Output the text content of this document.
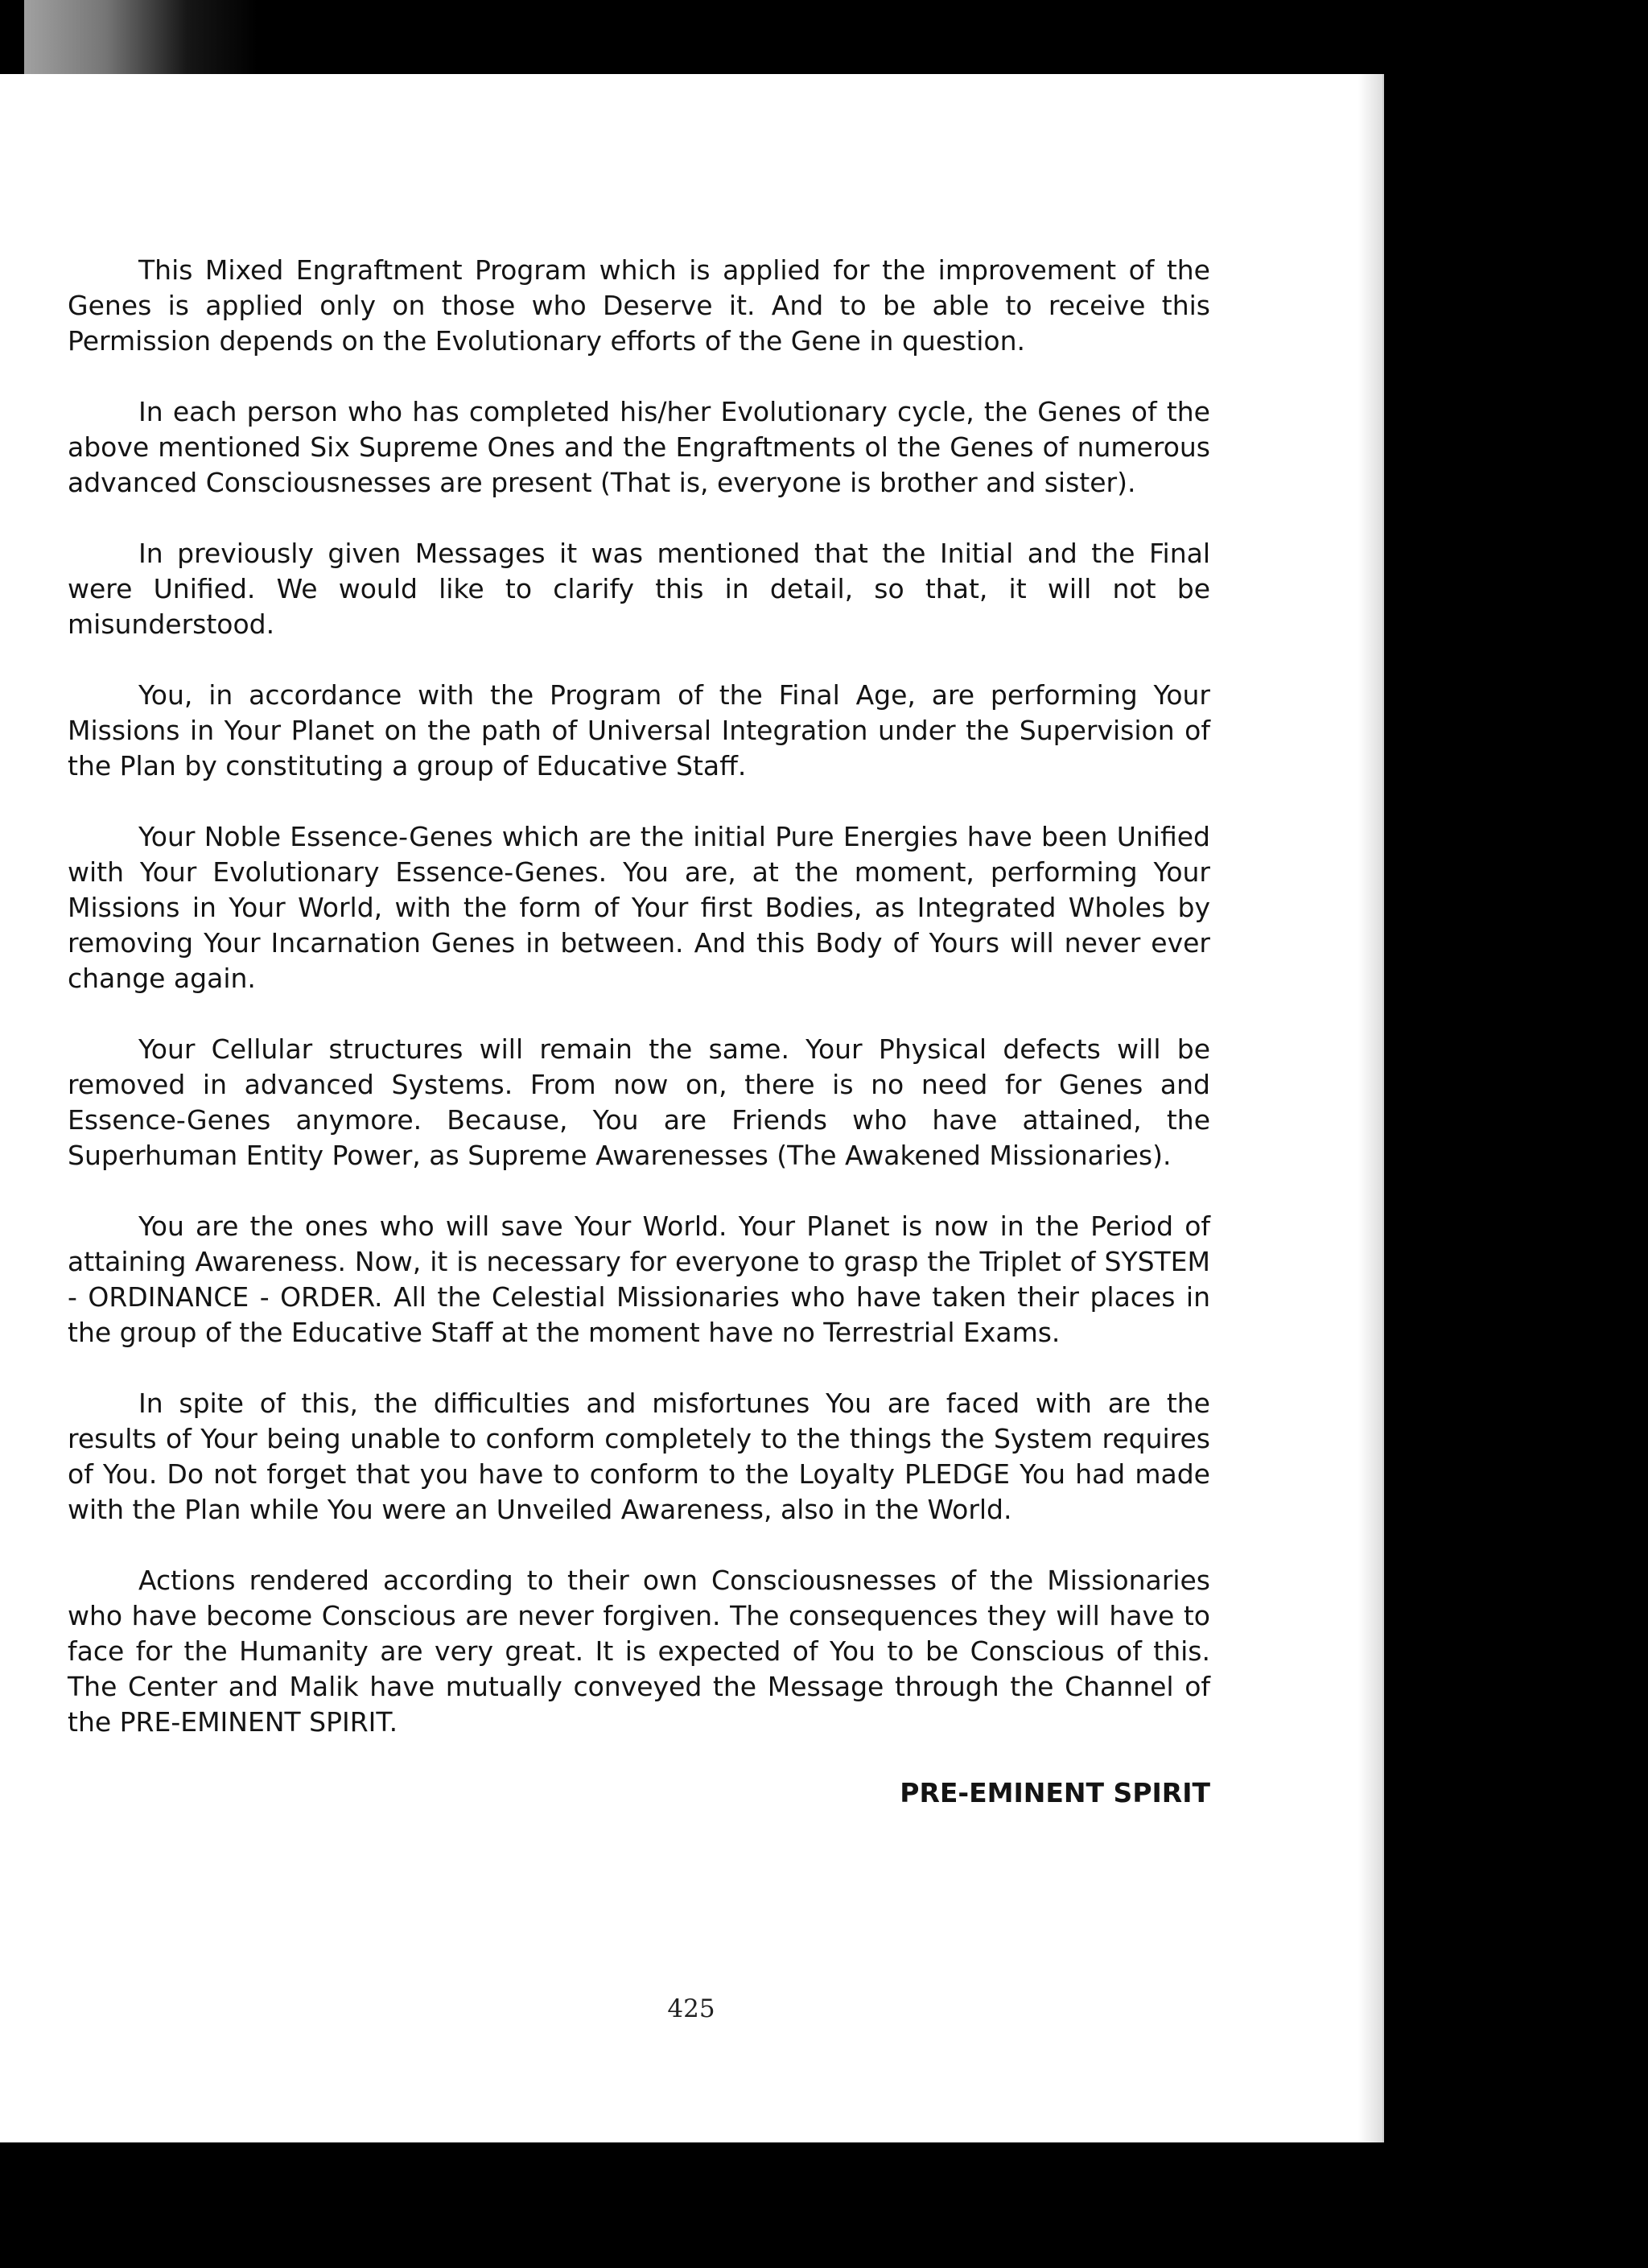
This Mixed Engraftment Program which is applied for the improvement of the Genes is applied only on those who Deserve it. And to be able to receive this Permission depends on the Evolutionary efforts of the Gene in question.

In each person who has completed his/her Evolutionary cycle, the Genes of the above mentioned Six Supreme Ones and the Engraftments ol the Genes of numerous advanced Consciousnesses are present (That is, everyone is brother and sister).

In previously given Messages it was mentioned that the Initial and the Final were Unified. We would like to clarify this in detail, so that, it will not be misunderstood.

You, in accordance with the Program of the Final Age, are performing Your Missions in Your Planet on the path of Universal Integration under the Supervision of the Plan by constituting a group of Educative Staff.

Your Noble Essence-Genes which are the initial Pure Energies have been Unified with Your Evolutionary Essence-Genes. You are, at the moment, performing Your Missions in Your World, with the form of Your first Bodies, as Integrated Wholes by removing Your Incarnation Genes in between. And this Body of Yours will never ever change again.

Your Cellular structures will remain the same. Your Physical defects will be removed in advanced Systems. From now on, there is no need for Genes and Essence-Genes anymore. Because, You are Friends who have attained, the Superhuman Entity Power, as Supreme Awarenesses (The Awakened Missionaries).

You are the ones who will save Your World. Your Planet is now in the Period of attaining Awareness. Now, it is necessary for everyone to grasp the Triplet of SYSTEM - ORDINANCE - ORDER. All the Celestial Missionaries who have taken their places in the group of the Educative Staff at the moment have no Terrestrial Exams.

In spite of this, the difficulties and misfortunes You are faced with are the results of Your being unable to conform completely to the things the System requires of You. Do not forget that you have to conform to the Loyalty PLEDGE You had made with the Plan while You were an Unveiled Awareness, also in the World.

Actions rendered according to their own Consciousnesses of the Missionaries who have become Conscious are never forgiven. The consequences they will have to face for the Humanity are very great. It is expected of You to be Conscious of this. The Center and Malik have mutually conveyed the Message through the Channel of the PRE-EMINENT SPIRIT.

PRE-EMINENT SPIRIT

425
